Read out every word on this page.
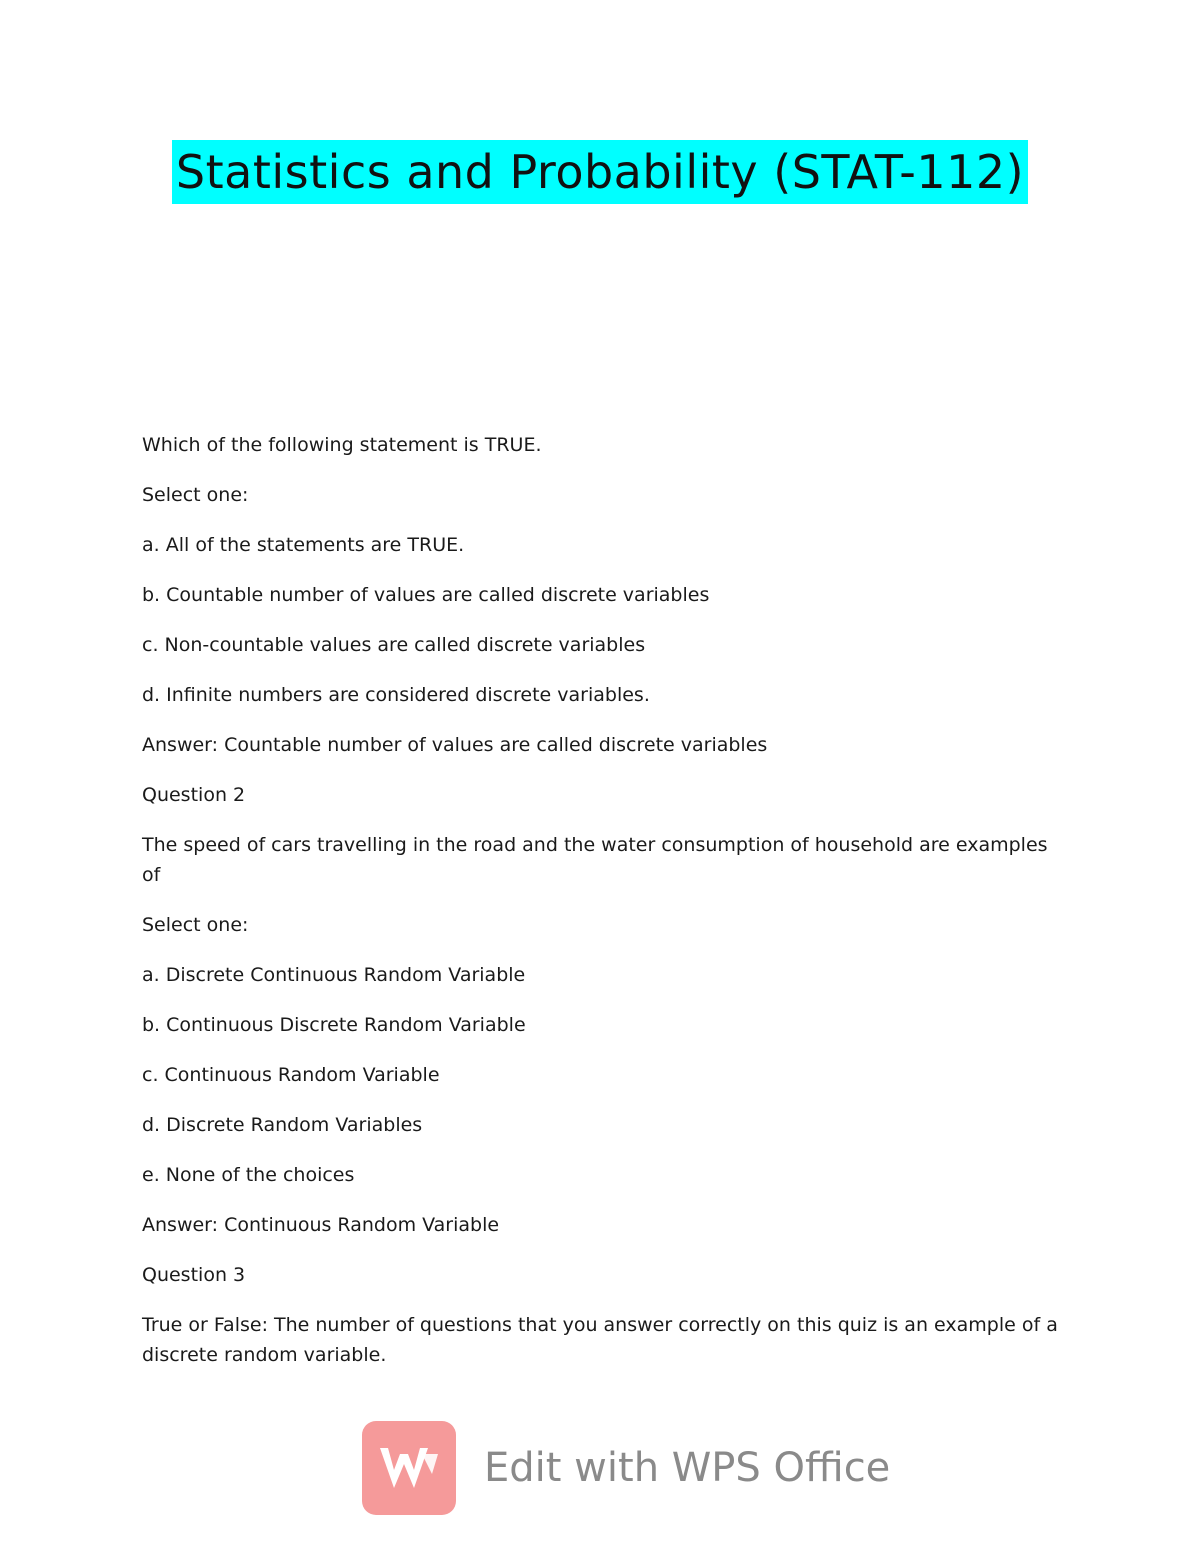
Statistics and Probability (STAT-112)

Which of the following statement is TRUE.

Select one:

a. All of the statements are TRUE.

b. Countable number of values are called discrete variables

c. Non-countable values are called discrete variables

d. Infinite numbers are considered discrete variables.

Answer: Countable number of values are called discrete variables

Question 2

The speed of cars travelling in the road and the water consumption of household are examples of

Select one:

a. Discrete Continuous Random Variable

b. Continuous Discrete Random Variable

c. Continuous Random Variable

d. Discrete Random Variables

e. None of the choices

Answer: Continuous Random Variable

Question 3

True or False: The number of questions that you answer correctly on this quiz is an example of a discrete random variable.

Edit with WPS Office
